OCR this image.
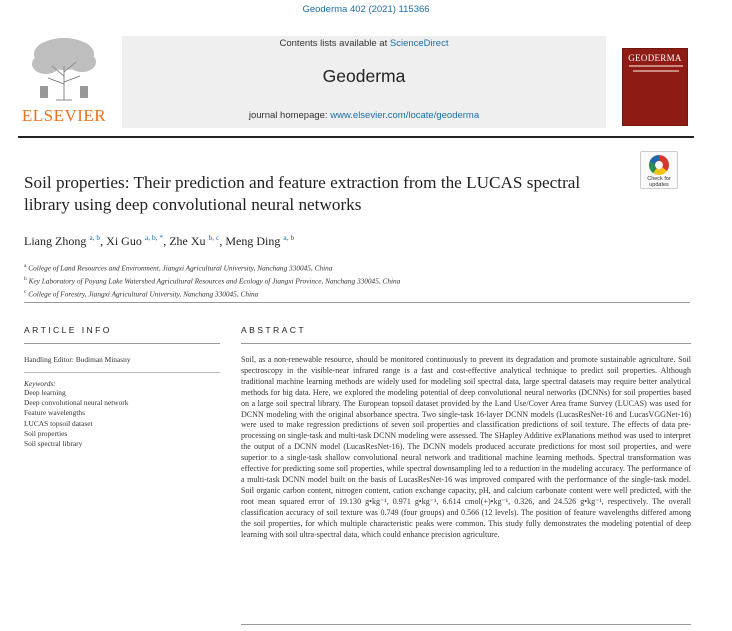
Geoderma 402 (2021) 115366
ELSEVIER
Contents lists available at ScienceDirect
Geoderma
journal homepage: www.elsevier.com/locate/geoderma
GEODERMA
Soil properties: Their prediction and feature extraction from the LUCAS spectral library using deep convolutional neural networks
Check for
updates
Liang Zhong $^{a, b}$, Xi Guo $^{a, b, *}$, Zhe Xu $^{b, c}$, Meng Ding $^{a, b}$
$^a$ College of Land Resources and Environment, Jiangxi Agricultural University, Nanchang 330045, China
$^b$ Key Laboratory of Poyang Lake Watershed Agricultural Resources and Ecology of Jiangxi Province, Nanchang 330045, China
$^c$ College of Forestry, Jiangxi Agricultural University, Nanchang 330045, China
ARTICLE INFO
Handling Editor: Budiman Minasny
Keywords:
Deep learning
Deep convolutional neural network
Feature wavelengths
LUCAS topsoil dataset
Soil properties
Soil spectral library
ABSTRACT
Soil, as a non-renewable resource, should be monitored continuously to prevent its degradation and promote sustainable agriculture. Soil spectroscopy in the visible-near infrared range is a fast and cost-effective analytical technique to predict soil properties. Although traditional machine learning methods are widely used for modeling soil spectral data, large spectral datasets may require better analytical methods for big data. Here, we explored the modeling potential of deep convolutional neural networks (DCNNs) for soil properties based on a large soil spectral library. The European topsoil dataset provided by the Land Use/Cover Area frame Survey (LUCAS) was used for DCNN modeling with the original absorbance spectra. Two single-task 16-layer DCNN models (LucasResNet-16 and LucasVGGNet-16) were used to make regression predictions of seven soil properties and classification predictions of soil texture. The effects of data pre-processing on single-task and multi-task DCNN modeling were assessed. The SHapley Additive exPlanations method was used to interpret the output of a DCNN model (LucasResNet-16). The DCNN models produced accurate predictions for most soil properties, and were superior to a single-task shallow convolutional neural network and traditional machine learning methods. Spectral transformation was effective for predicting some soil properties, while spectral downsampling led to a reduction in the modeling accuracy. The performance of a multi-task DCNN model built on the basis of LucasResNet-16 was improved compared with the performance of the single-task model. Soil organic carbon content, nitrogen content, cation exchange capacity, pH, and calcium carbonate content were well predicted, with the root mean squared error of 19.130 g•kg⁻¹, 0.971 g•kg⁻¹, 6.614 cmol(+)•kg⁻¹, 0.326, and 24.526 g•kg⁻¹, respectively. The overall classification accuracy of soil texture was 0.749 (four groups) and 0.566 (12 levels). The position of feature wavelengths differed among the soil properties, for which multiple characteristic peaks were common. This study fully demonstrates the modeling potential of deep learning with soil ultra-spectral data, which could enhance precision agriculture.
